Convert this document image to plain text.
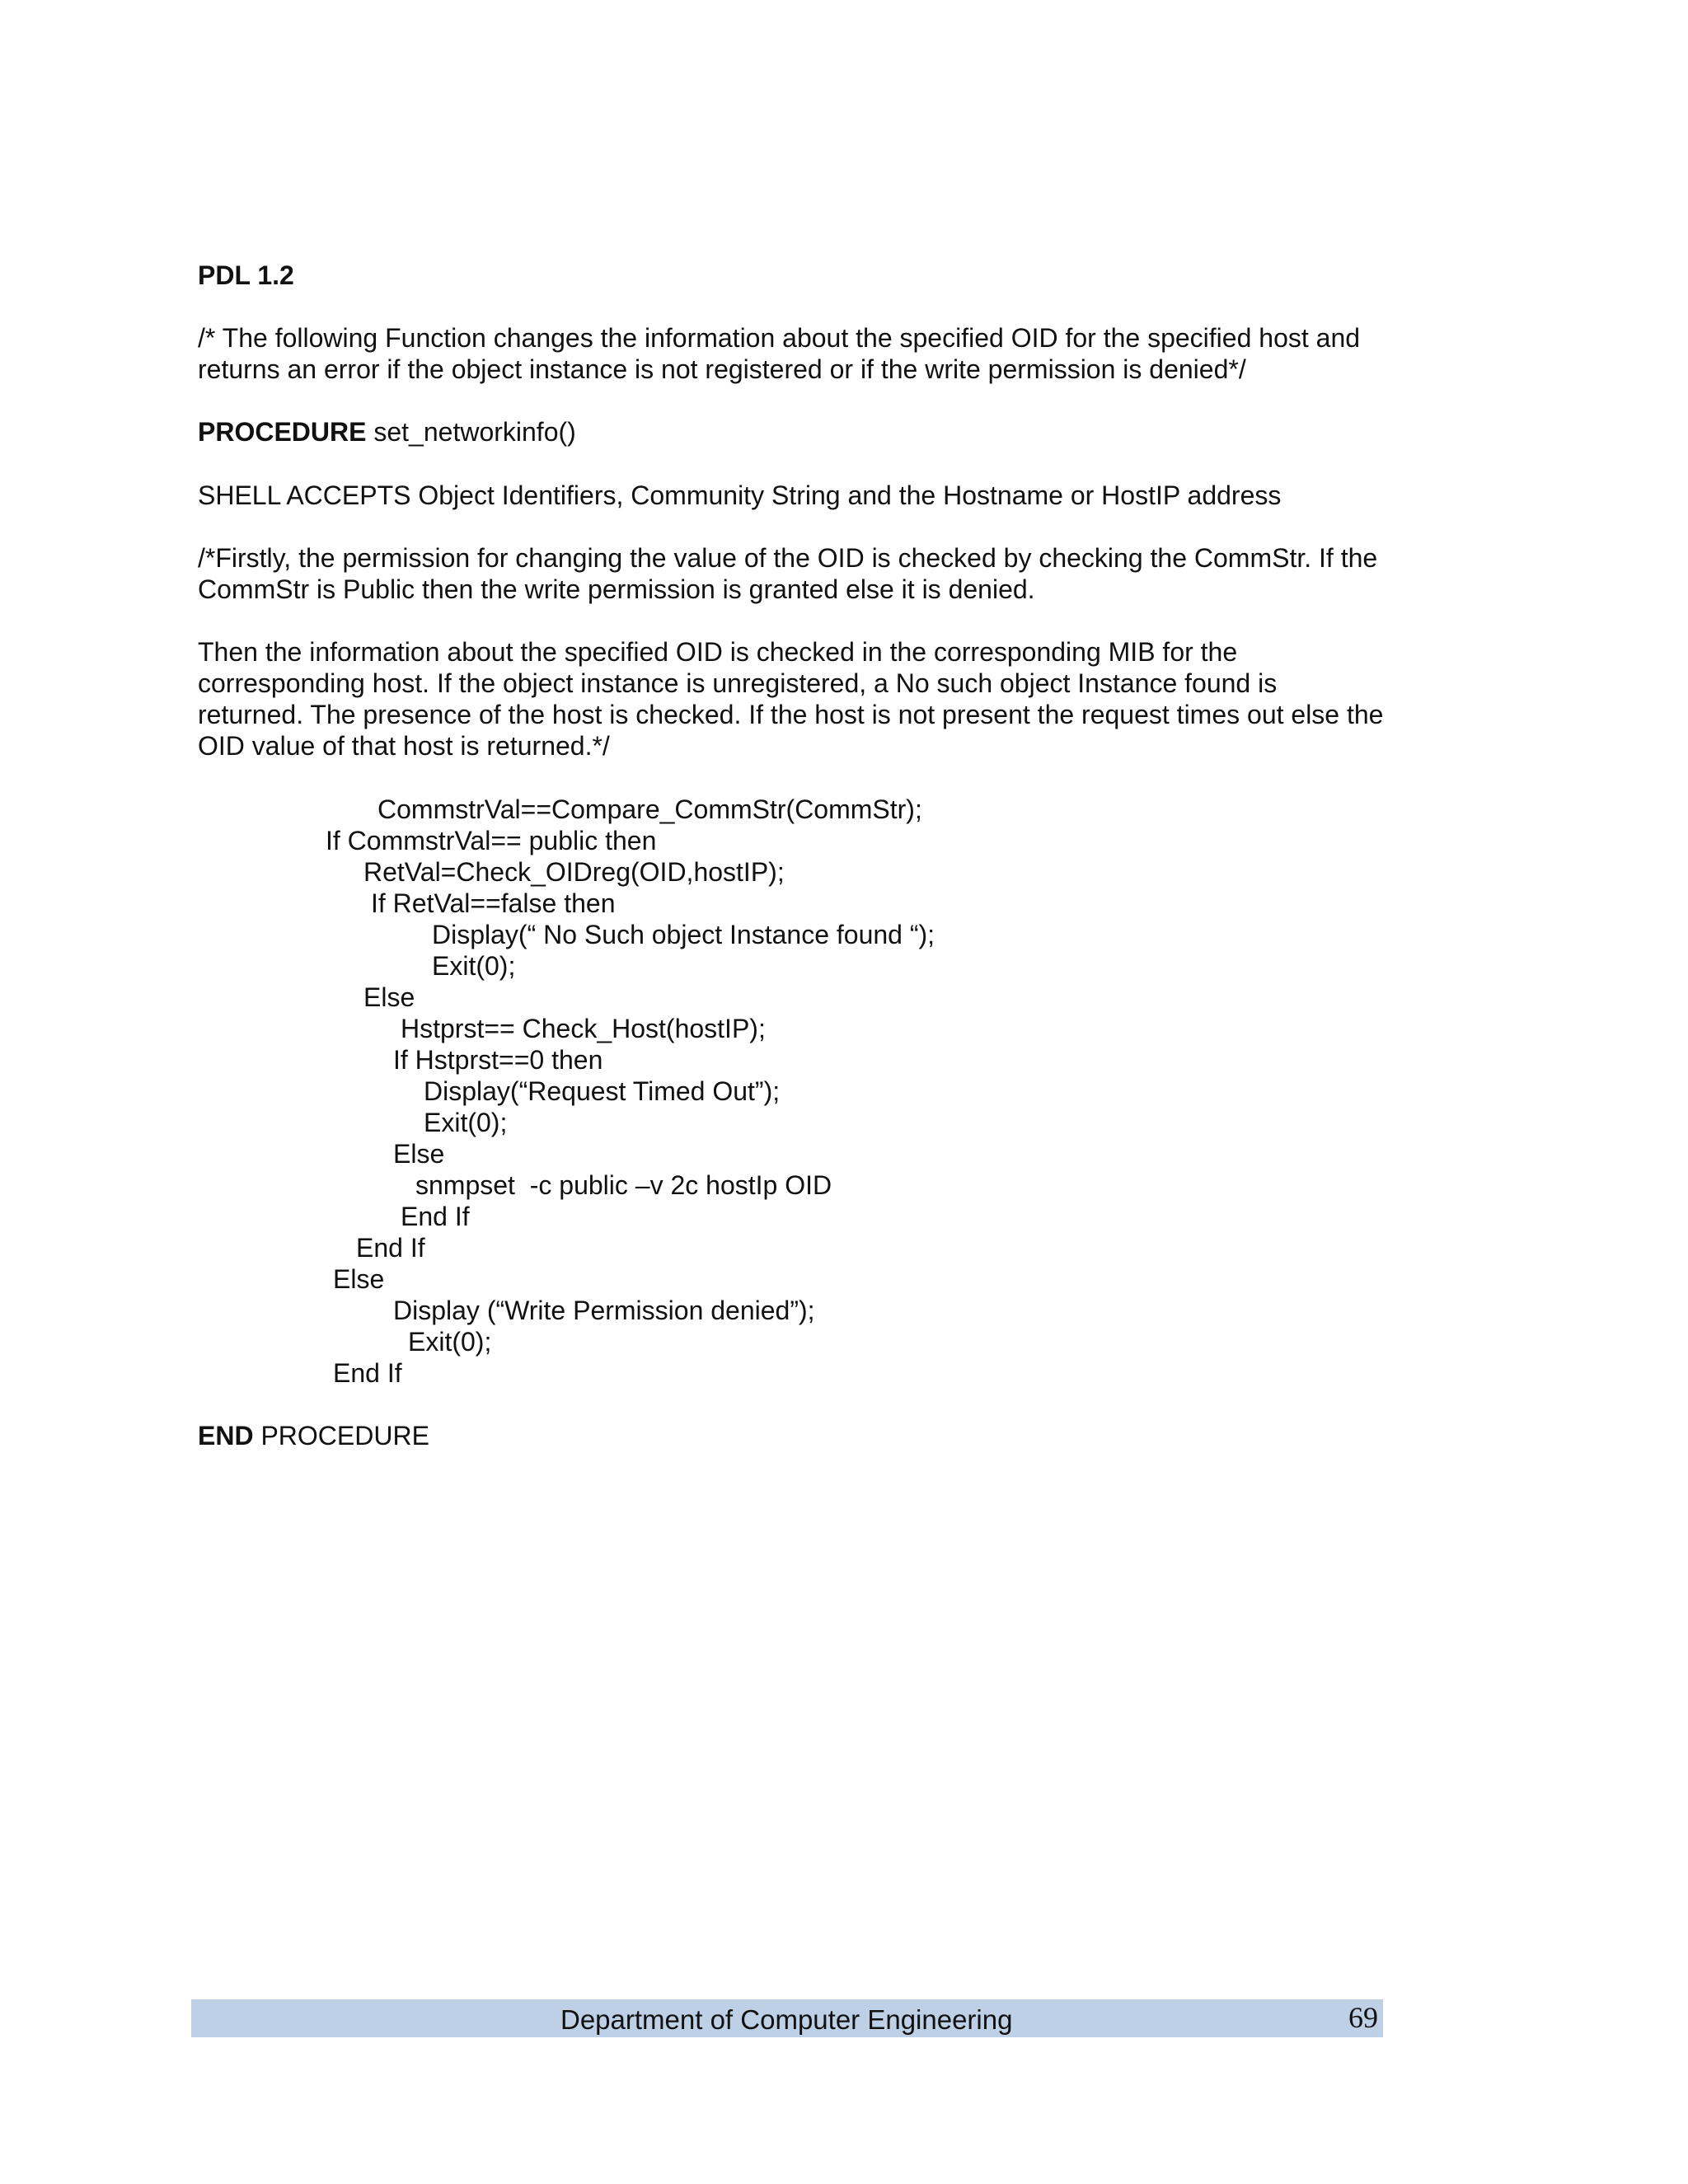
PDL 1.2
/* The following Function changes the information about the specified OID for the specified host and
returns an error if the object instance is not registered or if the write permission is denied*/
PROCEDURE set_networkinfo()
SHELL ACCEPTS Object Identifiers, Community String and the Hostname or HostIP address
/*Firstly, the permission for changing the value of the OID is checked by checking the CommStr. If the
CommStr is Public then the write permission is granted else it is denied.
Then the information about the specified OID is checked in the corresponding MIB for the
corresponding host. If the object instance is unregistered, a No such object Instance found is
returned. The presence of the host is checked. If the host is not present the request times out else the
OID value of that host is returned.*/
CommstrVal==Compare_CommStr(CommStr);
If CommstrVal== public then
RetVal=Check_OIDreg(OID,hostIP);
If RetVal==false then
Display(“ No Such object Instance found “);
Exit(0);
Else
Hstprst== Check_Host(hostIP);
If Hstprst==0 then
Display(“Request Timed Out”);
Exit(0);
Else
snmpset  -c public –v 2c hostIp OID
End If
End If
Else
Display (“Write Permission denied”);
Exit(0);
End If
END PROCEDURE
Department of Computer Engineering	69
